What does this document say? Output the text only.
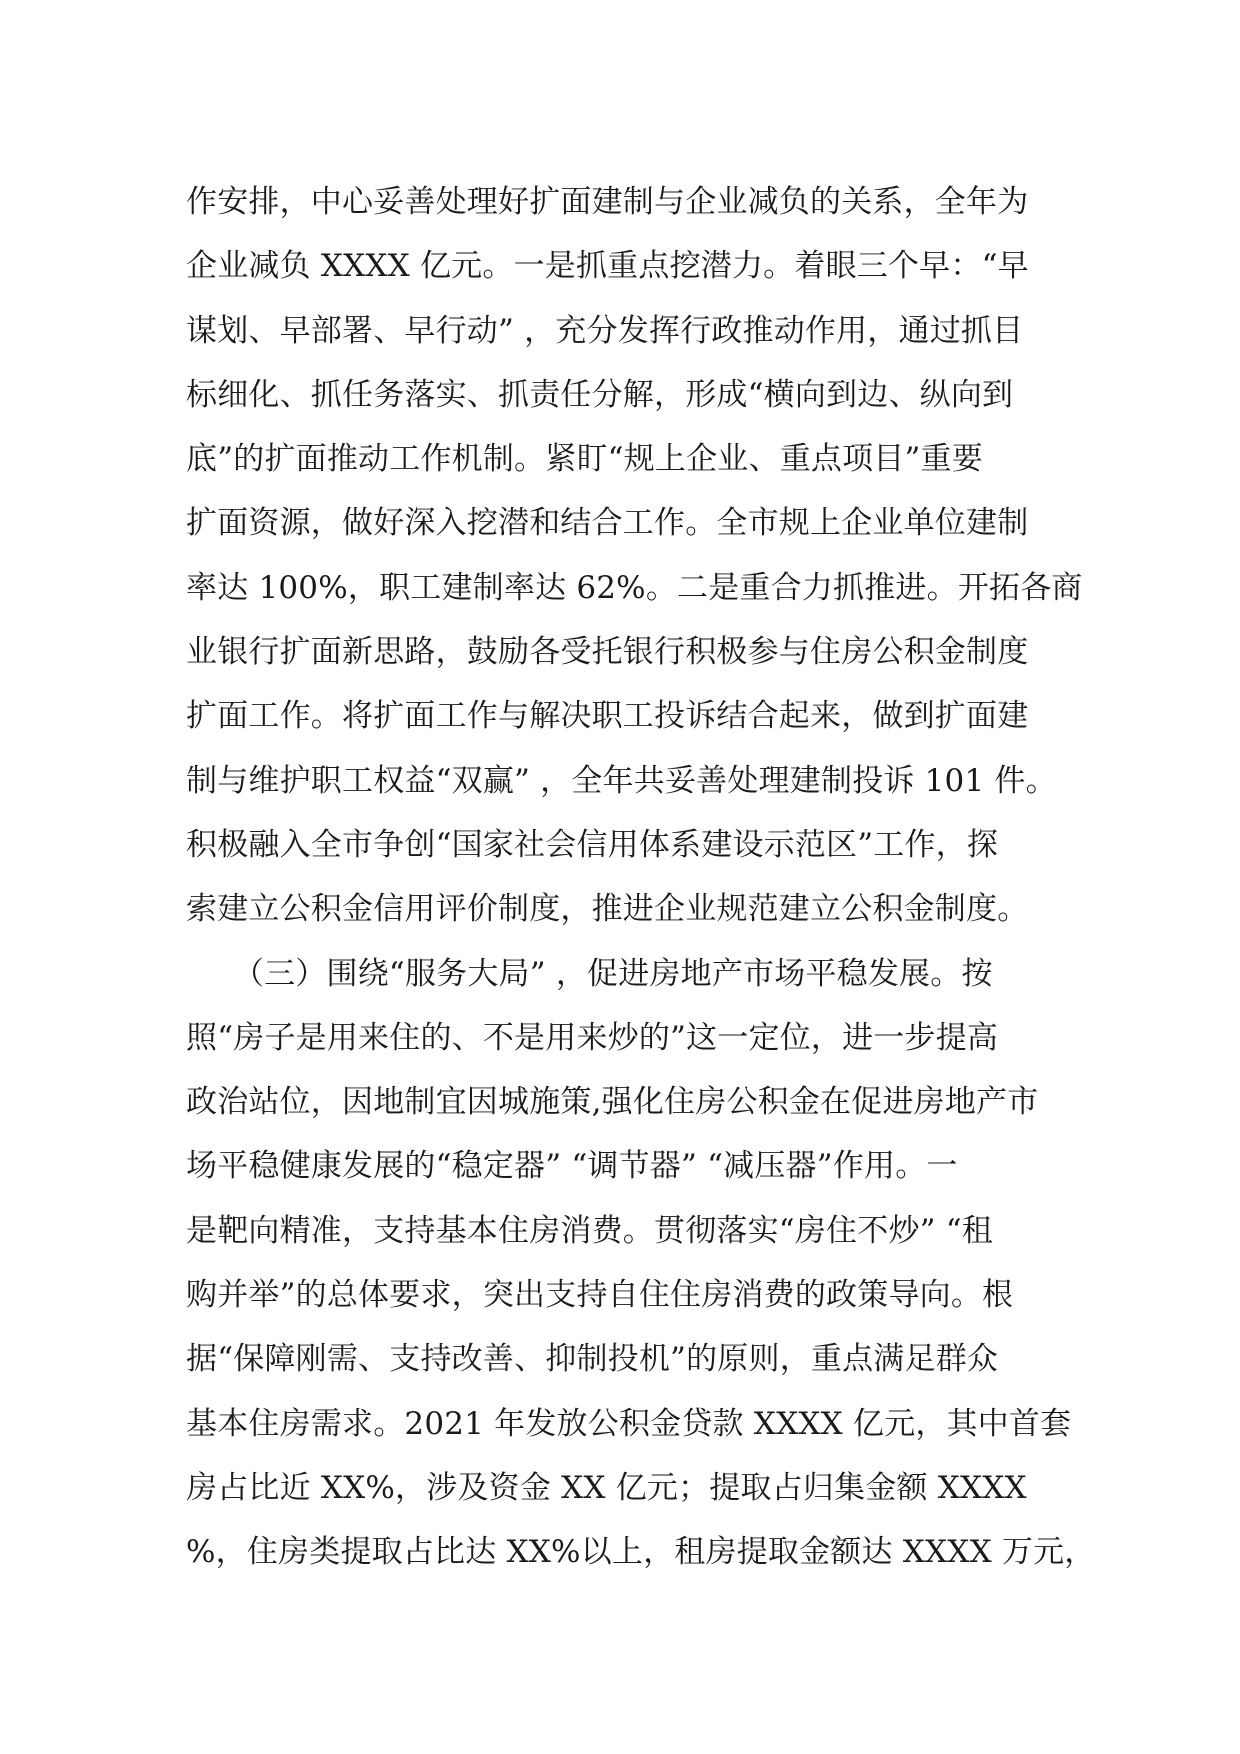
作安排，中心妥善处理好扩面建制与企业减负的关系，全年为
企业减负 XXXX 亿元。一是抓重点挖潜力。着眼三个早：“早
谋划、早部署、早行动” ，充分发挥行政推动作用，通过抓目
标细化、抓任务落实、抓责任分解，形成“横向到边、纵向到
底”的扩面推动工作机制。紧盯“规上企业、重点项目”重要
扩面资源，做好深入挖潜和结合工作。全市规上企业单位建制
率达 100%，职工建制率达 62%。二是重合力抓推进。开拓各商
业银行扩面新思路，鼓励各受托银行积极参与住房公积金制度
扩面工作。将扩面工作与解决职工投诉结合起来，做到扩面建
制与维护职工权益“双赢” ，全年共妥善处理建制投诉 101 件。
积极融入全市争创“国家社会信用体系建设示范区”工作，探
索建立公积金信用评价制度，推进企业规范建立公积金制度。
　　（三）围绕“服务大局” ，促进房地产市场平稳发展。按
照“房子是用来住的、不是用来炒的”这一定位，进一步提高
政治站位，因地制宜因城施策,强化住房公积金在促进房地产市
场平稳健康发展的“稳定器” “调节器” “减压器”作用。一
是靶向精准，支持基本住房消费。贯彻落实“房住不炒” “租
购并举”的总体要求，突出支持自住住房消费的政策导向。根
据“保障刚需、支持改善、抑制投机”的原则，重点满足群众
基本住房需求。2021 年发放公积金贷款 XXXX 亿元，其中首套
房占比近 XX%，涉及资金 XX 亿元；提取占归集金额 XXXX
%，住房类提取占比达 XX%以上，租房提取金额达 XXXX 万元，
